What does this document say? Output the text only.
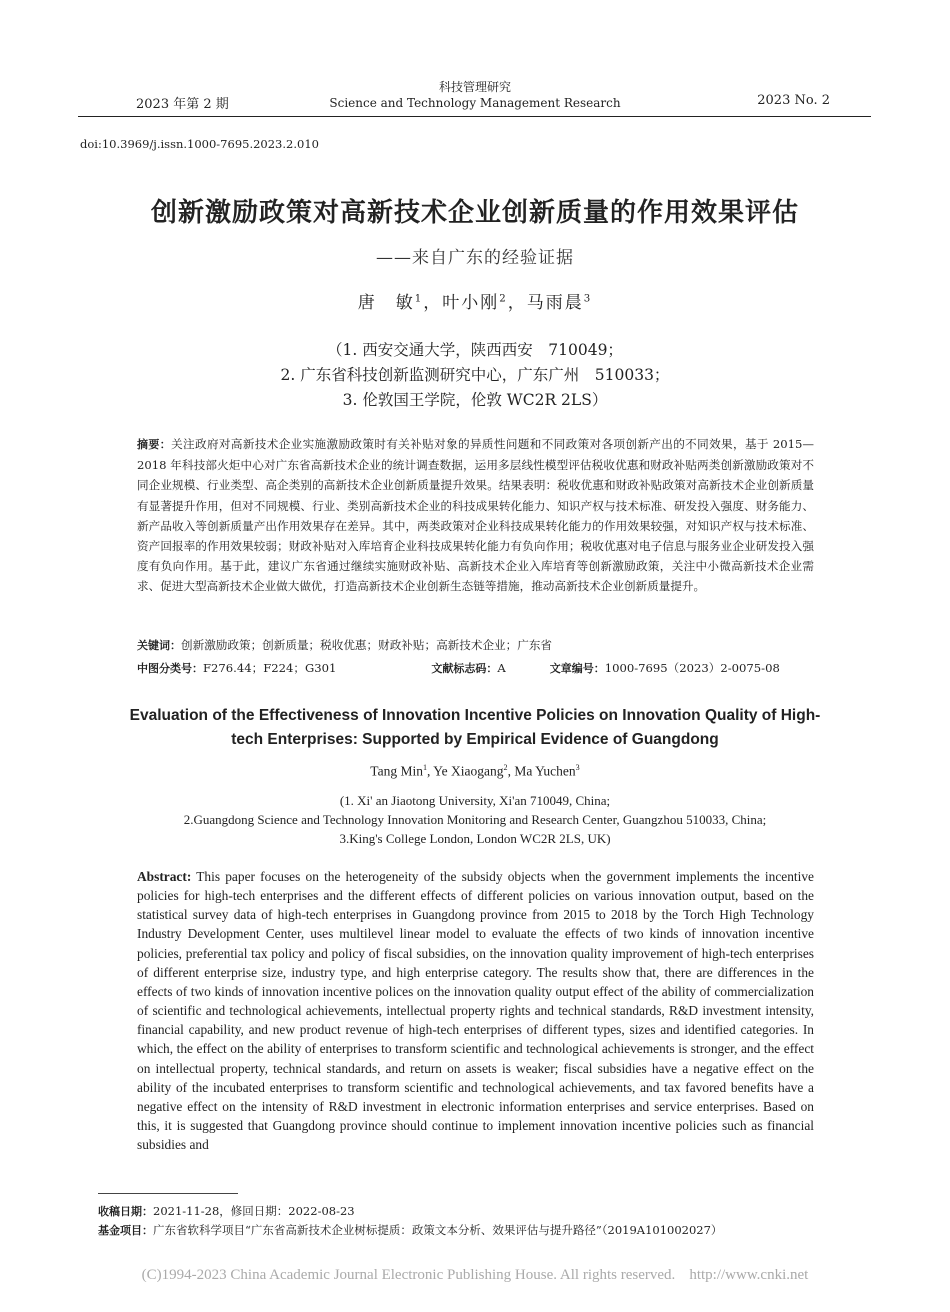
2023 年第 2 期
科技管理研究
Science and Technology Management Research	2023 No. 2
doi:10.3969/j.issn.1000-7695.2023.2.010
创新激励政策对高新技术企业创新质量的作用效果评估
——来自广东的经验证据
唐　敏$^1$，叶小刚$^2$，马雨晨$^3$
（1. 西安交通大学，陕西西安　710049；
2. 广东省科技创新监测研究中心，广东广州　510033；
3. 伦敦国王学院，伦敦 WC2R 2LS）
摘要：关注政府对高新技术企业实施激励政策时有关补贴对象的异质性问题和不同政策对各项创新产出的不同效果，基于 2015—2018 年科技部火炬中心对广东省高新技术企业的统计调查数据，运用多层线性模型评估税收优惠和财政补贴两类创新激励政策对不同企业规模、行业类型、高企类别的高新技术企业创新质量提升效果。结果表明：税收优惠和财政补贴政策对高新技术企业创新质量有显著提升作用，但对不同规模、行业、类别高新技术企业的科技成果转化能力、知识产权与技术标准、研发投入强度、财务能力、新产品收入等创新质量产出作用效果存在差异。其中，两类政策对企业科技成果转化能力的作用效果较强，对知识产权与技术标准、资产回报率的作用效果较弱；财政补贴对入库培育企业科技成果转化能力有负向作用；税收优惠对电子信息与服务业企业研发投入强度有负向作用。基于此，建议广东省通过继续实施财政补贴、高新技术企业入库培育等创新激励政策，关注中小微高新技术企业需求、促进大型高新技术企业做大做优，打造高新技术企业创新生态链等措施，推动高新技术企业创新质量提升。
关键词：创新激励政策；创新质量；税收优惠；财政补贴；高新技术企业；广东省
中图分类号：F276.44；F224；G301	文献标志码：A	文章编号：1000-7695（2023）2-0075-08
Evaluation of the Effectiveness of Innovation Incentive Policies on Innovation Quality of High-tech Enterprises: Supported by Empirical Evidence of Guangdong
Tang Min$^1$, Ye Xiaogang$^2$, Ma Yuchen$^3$
(1. Xi' an Jiaotong University, Xi'an 710049, China;
2.Guangdong Science and Technology Innovation Monitoring and Research Center, Guangzhou 510033, China;
3.King's College London, London WC2R 2LS, UK)
Abstract: This paper focuses on the heterogeneity of the subsidy objects when the government implements the incentive policies for high-tech enterprises and the different effects of different policies on various innovation output, based on the statistical survey data of high-tech enterprises in Guangdong province from 2015 to 2018 by the Torch High Technology Industry Development Center, uses multilevel linear model to evaluate the effects of two kinds of innovation incentive policies, preferential tax policy and policy of fiscal subsidies, on the innovation quality improvement of high-tech enterprises of different enterprise size, industry type, and high enterprise category. The results show that, there are differences in the effects of two kinds of innovation incentive polices on the innovation quality output effect of the ability of commercialization of scientific and technological achievements, intellectual property rights and technical standards, R&D investment intensity, financial capability, and new product revenue of high-tech enterprises of different types, sizes and identified categories. In which, the effect on the ability of enterprises to transform scientific and technological achievements is stronger, and the effect on intellectual property, technical standards, and return on assets is weaker; fiscal subsidies have a negative effect on the ability of the incubated enterprises to transform scientific and technological achievements, and tax favored benefits have a negative effect on the intensity of R&D investment in electronic information enterprises and service enterprises. Based on this, it is suggested that Guangdong province should continue to implement innovation incentive policies such as financial subsidies and
收稿日期：2021-11-28，修回日期：2022-08-23
基金项目：广东省软科学项目“广东省高新技术企业树标提质：政策文本分析、效果评估与提升路径”（2019A101002027）
(C)1994-2023 China Academic Journal Electronic Publishing House. All rights reserved. http://www.cnki.net
